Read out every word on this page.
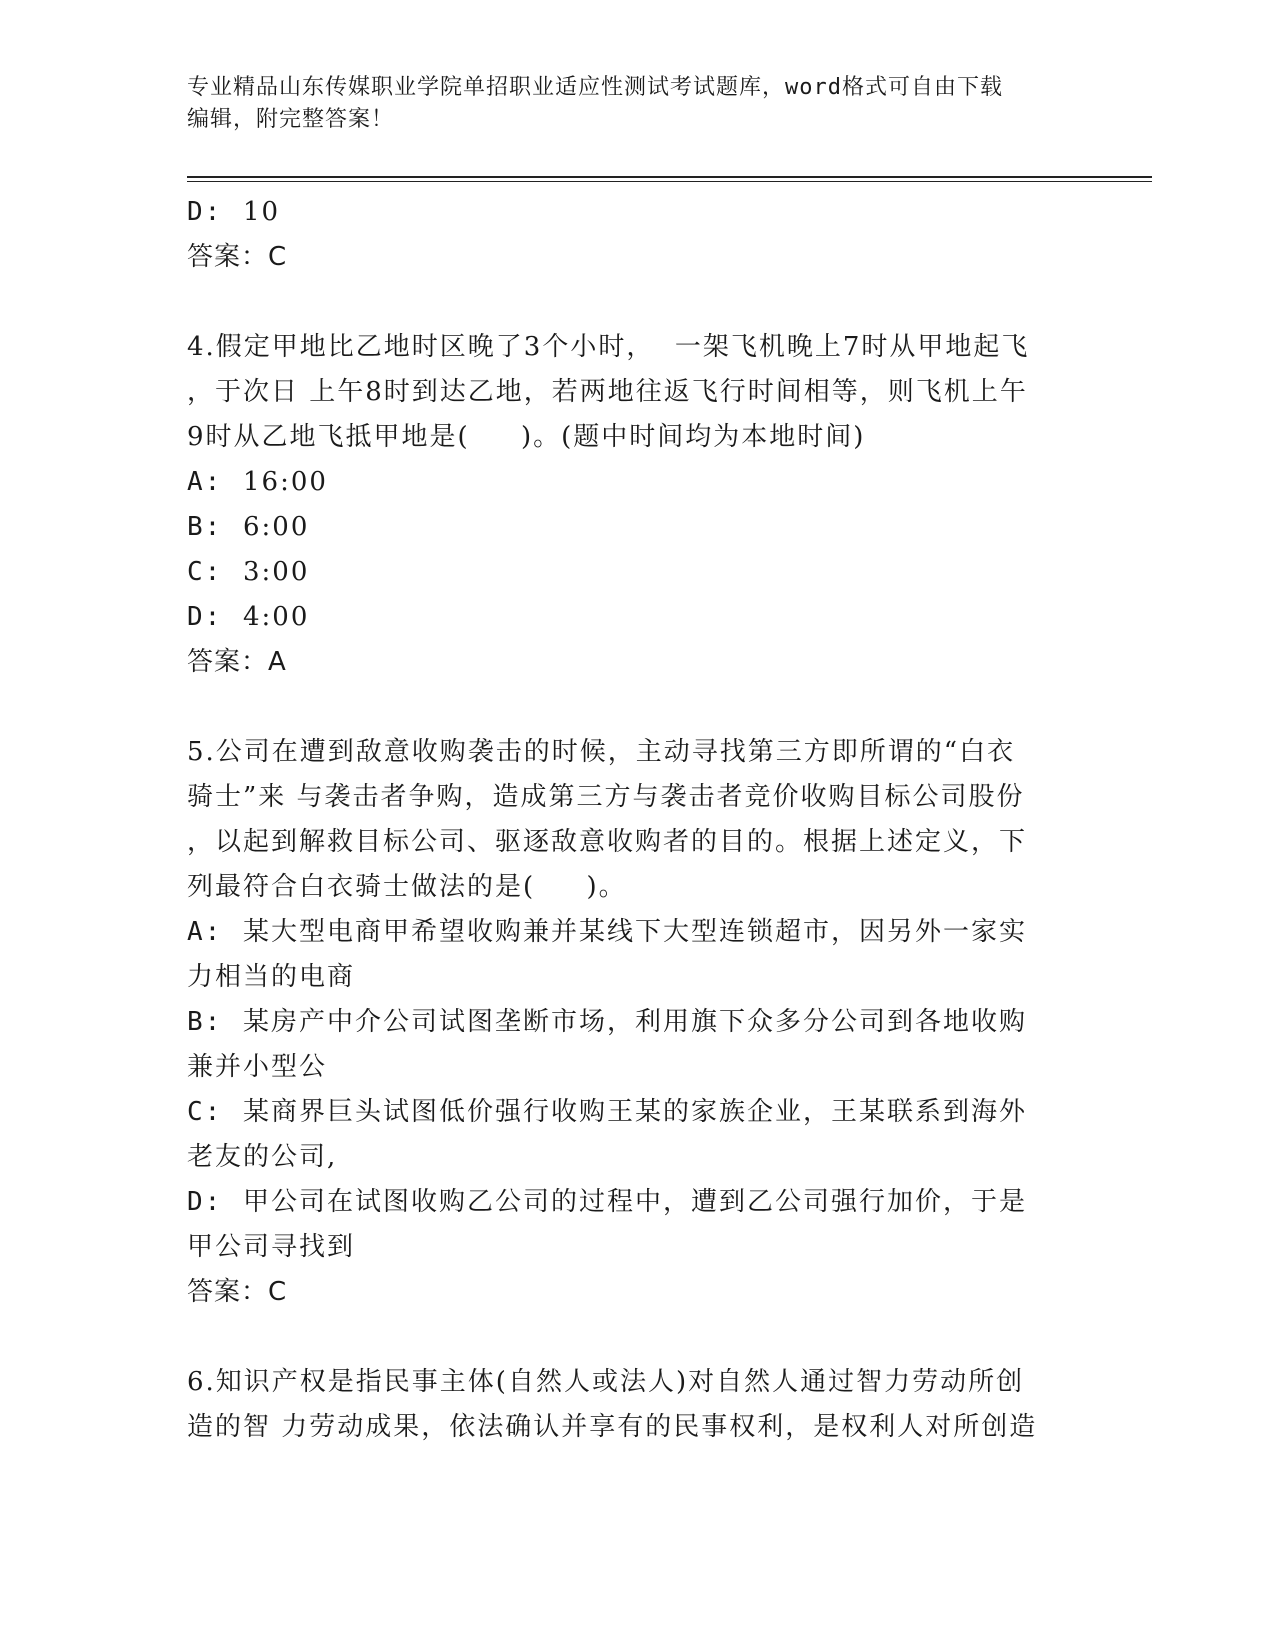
专业精品山东传媒职业学院单招职业适应性测试考试题库，word格式可自由下载
编辑，附完整答案！
D: 10
答案：C
4.假定甲地比乙地时区晚了3个小时，  一架飞机晚上7时从甲地起飞
，于次日 上午8时到达乙地，若两地往返飞行时间相等，则飞机上午
9时从乙地飞抵甲地是(     )。(题中时间均为本地时间)
A: 16:00
B: 6:00
C: 3:00
D: 4:00
答案：A
5.公司在遭到敌意收购袭击的时候，主动寻找第三方即所谓的“白衣
骑士”来 与袭击者争购，造成第三方与袭击者竞价收购目标公司股份
，以起到解救目标公司、驱逐敌意收购者的目的。根据上述定义，下
列最符合白衣骑士做法的是(     )。
A: 某大型电商甲希望收购兼并某线下大型连锁超市，因另外一家实
力相当的电商
B: 某房产中介公司试图垄断市场，利用旗下众多分公司到各地收购
兼并小型公
C: 某商界巨头试图低价强行收购王某的家族企业，王某联系到海外
老友的公司,
D: 甲公司在试图收购乙公司的过程中，遭到乙公司强行加价，于是
甲公司寻找到
答案：C
6.知识产权是指民事主体(自然人或法人)对自然人通过智力劳动所创
造的智 力劳动成果，依法确认并享有的民事权利，是权利人对所创造
